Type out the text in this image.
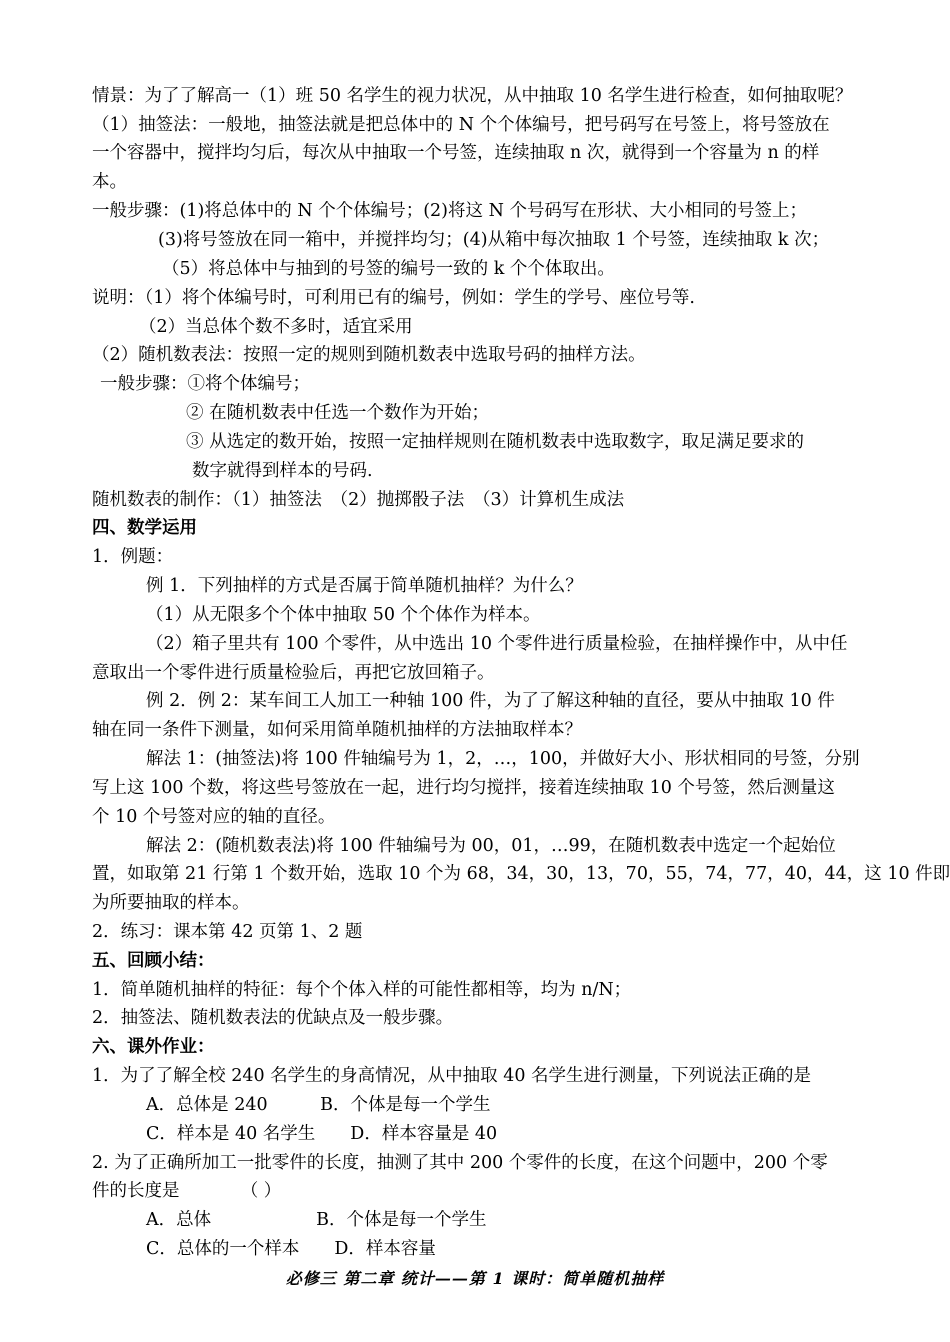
情景：为了了解高一（1）班 50 名学生的视力状况，从中抽取 10 名学生进行检查，如何抽取呢？
（1）抽签法：一般地，抽签法就是把总体中的 N 个个体编号，把号码写在号签上，将号签放在
一个容器中，搅拌均匀后，每次从中抽取一个号签，连续抽取 n 次，就得到一个容量为 n 的样
本。
一般步骤：(1)将总体中的 N 个个体编号；(2)将这 N 个号码写在形状、大小相同的号签上；
(3)将号签放在同一箱中，并搅拌均匀；(4)从箱中每次抽取 1 个号签，连续抽取 k 次；
（5）将总体中与抽到的号签的编号一致的 k 个个体取出。
说明：（1）将个体编号时，可利用已有的编号，例如：学生的学号、座位号等.
（2）当总体个数不多时，适宜采用
（2）随机数表法：按照一定的规则到随机数表中选取号码的抽样方法。
一般步骤：①将个体编号；
② 在随机数表中任选一个数作为开始；
③ 从选定的数开始，按照一定抽样规则在随机数表中选取数字，取足满足要求的
数字就得到样本的号码.
随机数表的制作：（1）抽签法　（2）抛掷骰子法　（3）计算机生成法
四、数学运用
1．例题：
例 1．下列抽样的方式是否属于简单随机抽样？为什么？
（1）从无限多个个体中抽取 50 个个体作为样本。
（2）箱子里共有 100 个零件，从中选出 10 个零件进行质量检验，在抽样操作中，从中任
意取出一个零件进行质量检验后，再把它放回箱子。
例 2．例 2：某车间工人加工一种轴 100 件，为了了解这种轴的直径，要从中抽取 10 件
轴在同一条件下测量，如何采用简单随机抽样的方法抽取样本？
解法 1：(抽签法)将 100 件轴编号为 1，2，…，100，并做好大小、形状相同的号签，分别
写上这 100 个数，将这些号签放在一起，进行均匀搅拌，接着连续抽取 10 个号签，然后测量这
个 10 个号签对应的轴的直径。
解法 2：(随机数表法)将 100 件轴编号为 00，01，…99，在随机数表中选定一个起始位
置，如取第 21 行第 1 个数开始，选取 10 个为 68，34，30，13，70，55，74，77，40，44，这 10 件即
为所要抽取的样本。
2．练习：课本第 42 页第 1、2 题
五、回顾小结：
1．简单随机抽样的特征：每个个体入样的可能性都相等，均为 n/N；
2．抽签法、随机数表法的优缺点及一般步骤。
六、课外作业：
1．为了了解全校 240 名学生的身高情况，从中抽取 40 名学生进行测量，下列说法正确的是
A．总体是 240　　　B．个体是每一个学生
C．样本是 40 名学生　　D．样本容量是 40
2. 为了正确所加工一批零件的长度，抽测了其中 200 个零件的长度，在这个问题中，200 个零
件的长度是　　　　（ ）
A．总体　　　　　　B．个体是每一个学生
C．总体的一个样本　　D．样本容量
必修三 第二章 统计——第 1 课时：简单随机抽样
